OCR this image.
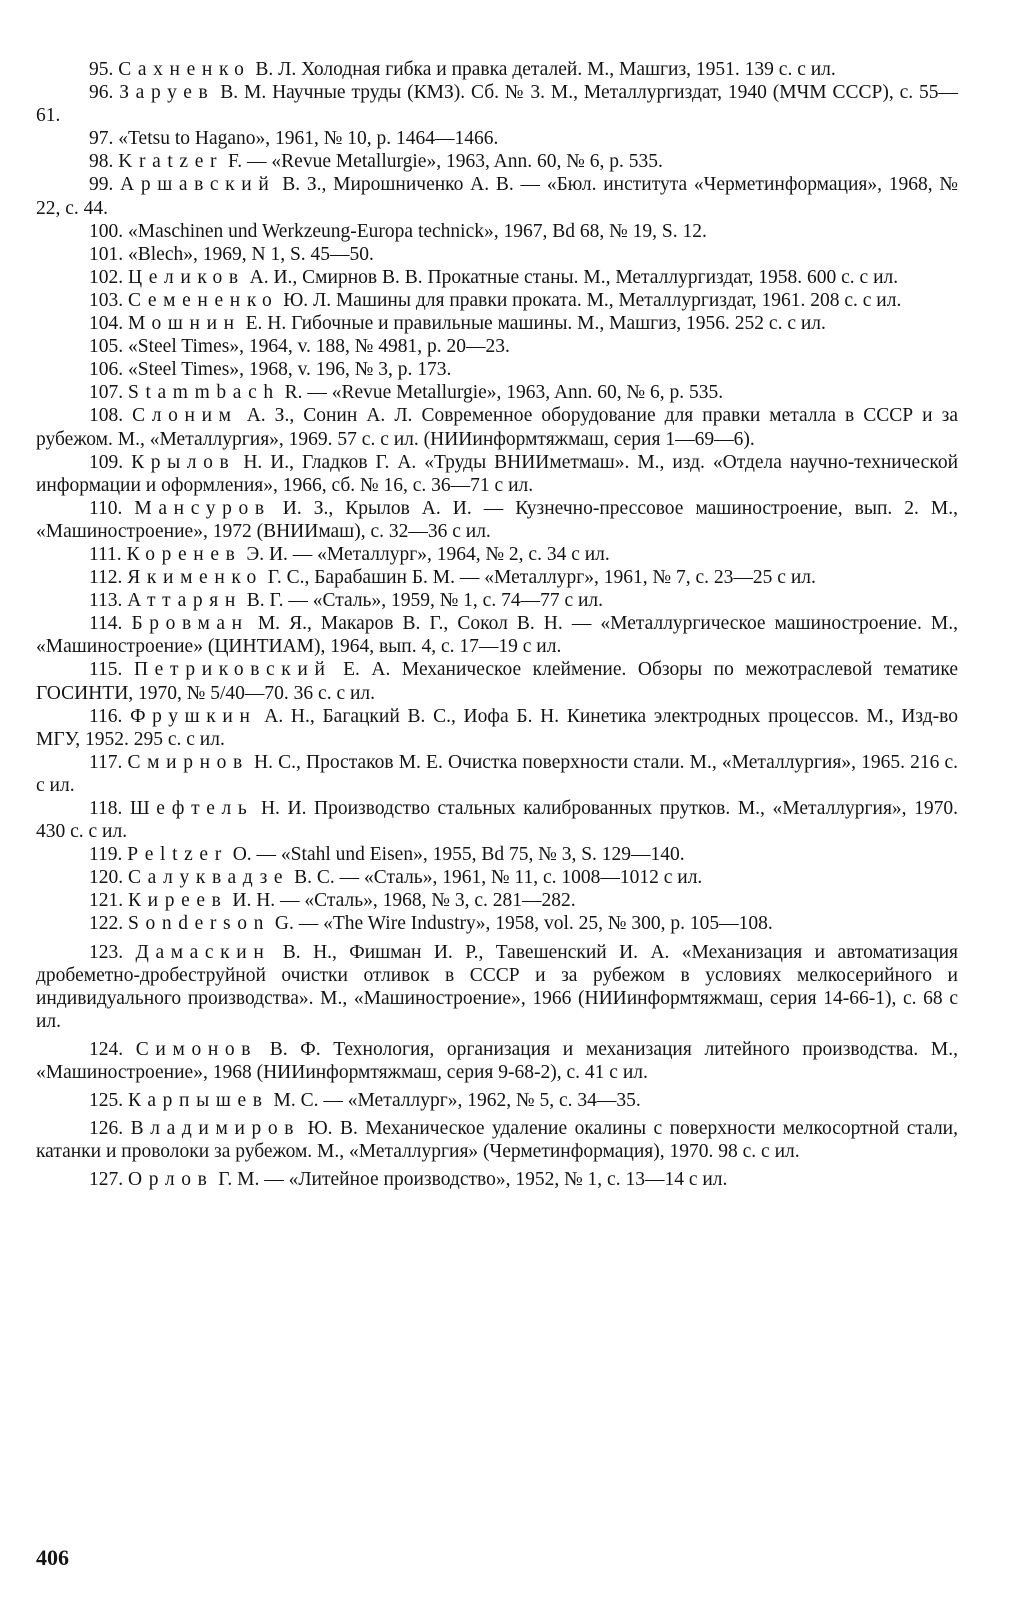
95. Сахненко В. Л. Холодная гибка и правка деталей. М., Машгиз, 1951. 139 с. с ил.

96. Заруев В. М. Научные труды (КМЗ). Сб. № 3. М., Металлургиздат, 1940 (МЧМ СССР), с. 55—61.

97. «Tetsu to Hagano», 1961, № 10, p. 1464—1466.

98. Kratzer F. — «Revue Metallurgie», 1963, Ann. 60, № 6, p. 535.

99. Аршавский В. З., Мирошниченко А. В. — «Бюл. института «Черметинформация», 1968, № 22, с. 44.

100. «Maschinen und Werkzeung-Europa technick», 1967, Bd 68, № 19, S. 12.

101. «Blech», 1969, N 1, S. 45—50.

102. Целиков А. И., Смирнов В. В. Прокатные станы. М., Металлургиздат, 1958. 600 с. с ил.

103. Семененко Ю. Л. Машины для правки проката. М., Металлургиздат, 1961. 208 с. с ил.

104. Мошнин Е. Н. Гибочные и правильные машины. М., Машгиз, 1956. 252 с. с ил.

105. «Steel Times», 1964, v. 188, № 4981, p. 20—23.

106. «Steel Times», 1968, v. 196, № 3, p. 173.

107. Stammbach R. — «Revue Metallurgie», 1963, Ann. 60, № 6, p. 535.

108. Слоним А. З., Сонин А. Л. Современное оборудование для правки металла в СССР и за рубежом. М., «Металлургия», 1969. 57 с. с ил. (НИИинформтяжмаш, серия 1—69—6).

109. Крылов Н. И., Гладков Г. А. «Труды ВНИИметмаш». М., изд. «Отдела научно-технической информации и оформления», 1966, сб. № 16, с. 36—71 с ил.

110. Мансуров И. З., Крылов А. И. — Кузнечно-прессовое машиностроение, вып. 2. М., «Машиностроение», 1972 (ВНИИмаш), с. 32—36 с ил.

111. Коренев Э. И. — «Металлург», 1964, № 2, с. 34 с ил.

112. Якименко Г. С., Барабашин Б. М. — «Металлург», 1961, № 7, с. 23—25 с ил.

113. Аттарян В. Г. — «Сталь», 1959, № 1, с. 74—77 с ил.

114. Бровман М. Я., Макаров В. Г., Сокол В. Н. — «Металлургическое машиностроение. М., «Машиностроение» (ЦИНТИАМ), 1964, вып. 4, с. 17—19 с ил.

115. Петриковский Е. А. Механическое клеймение. Обзоры по межотраслевой тематике ГОСИНТИ, 1970, № 5/40—70. 36 с. с ил.

116. Фрушкин А. Н., Багацкий В. С., Иофа Б. Н. Кинетика электродных процессов. М., Изд-во МГУ, 1952. 295 с. с ил.

117. Смирнов Н. С., Простаков М. Е. Очистка поверхности стали. М., «Металлургия», 1965. 216 с. с ил.

118. Шефтель Н. И. Производство стальных калиброванных прутков. М., «Металлургия», 1970. 430 с. с ил.

119. Peltzer O. — «Stahl und Eisen», 1955, Bd 75, № 3, S. 129—140.

120. Салуквадзе В. С. — «Сталь», 1961, № 11, с. 1008—1012 с ил.

121. Киреев И. Н. — «Сталь», 1968, № 3, с. 281—282.

122. Sonderson G. — «The Wire Industry», 1958, vol. 25, № 300, p. 105—108.

123. Дамаскин В. Н., Фишман И. Р., Тавешенский И. А. «Механизация и автоматизация дробеметно-дробеструйной очистки отливок в СССР и за рубежом в условиях мелкосерийного и индивидуального производства». М., «Машиностроение», 1966 (НИИинформтяжмаш, серия 14-66-1), с. 68 с ил.

124. Симонов В. Ф. Технология, организация и механизация литейного производства. М., «Машиностроение», 1968 (НИИинформтяжмаш, серия 9-68-2), с. 41 с ил.

125. Карпышев М. С. — «Металлург», 1962, № 5, с. 34—35.

126. Владимиров Ю. В. Механическое удаление окалины с поверхности мелкосортной стали, катанки и проволоки за рубежом. М., «Металлургия» (Черметинформация), 1970. 98 с. с ил.

127. Орлов Г. М. — «Литейное производство», 1952, № 1, с. 13—14 с ил.

406
